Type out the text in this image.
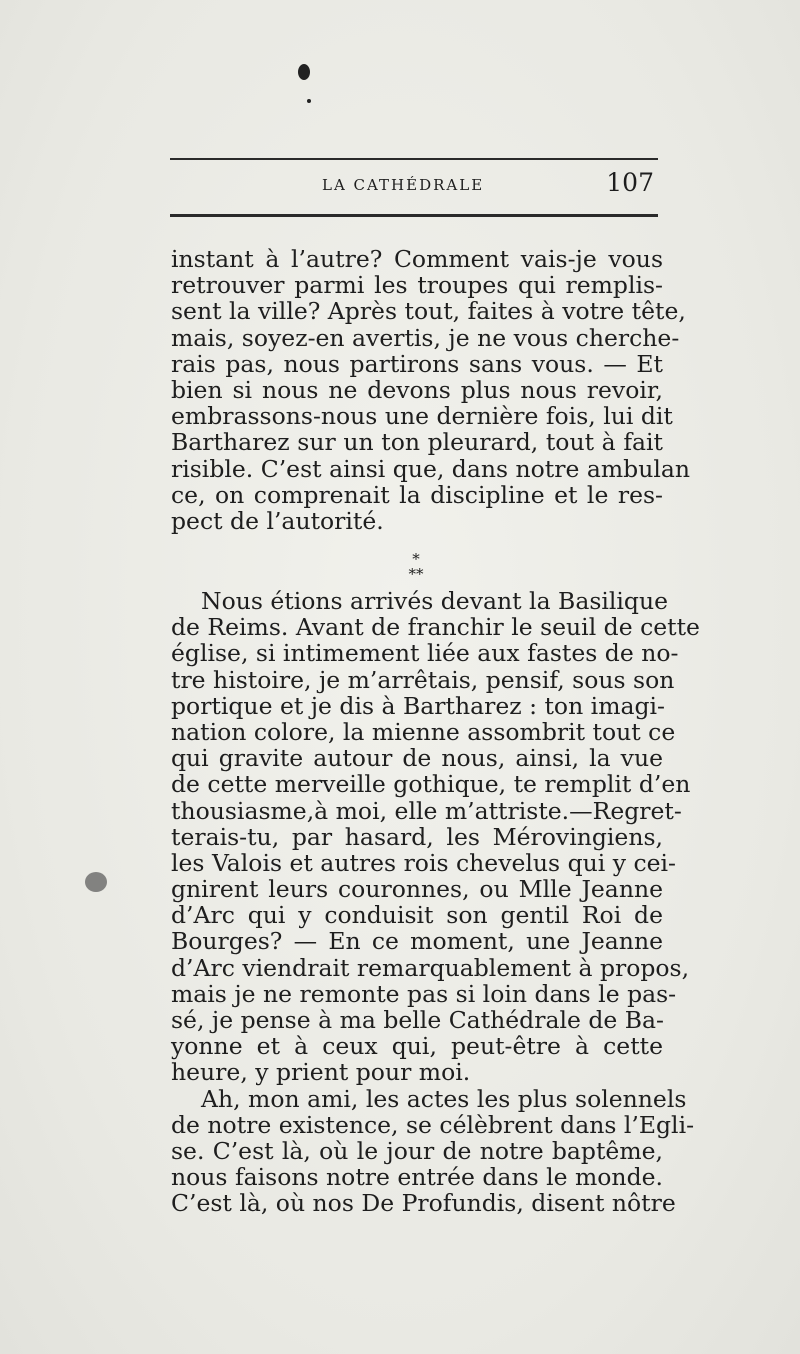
LA CATHÉDRALE	107
instant à l’autre? Comment vais-je vous
retrouver parmi les troupes qui remplis-
sent la ville? Après tout, faites à votre tête,
mais, soyez-en avertis, je ne vous cherche-
rais pas, nous partirons sans vous. — Et
bien si nous ne devons plus nous revoir,
embrassons-nous une dernière fois, lui dit
Bartharez sur un ton pleurard, tout à fait
risible. C’est ainsi que, dans notre ambulan
ce, on comprenait la discipline et le res-
pect de l’autorité.
*
**
Nous étions arrivés devant la Basilique
de Reims. Avant de franchir le seuil de cette
église, si intimement liée aux fastes de no-
tre histoire, je m’arrêtais, pensif, sous son
portique et je dis à Bartharez : ton imagi-
nation colore, la mienne assombrit tout ce
qui gravite autour de nous, ainsi, la vue
de cette merveille gothique, te remplit d’en
thousiasme,à moi, elle m’attriste.—Regret-
terais-tu, par hasard, les Mérovingiens,
les Valois et autres rois chevelus qui y cei-
gnirent leurs couronnes, ou Mlle Jeanne
d’Arc qui y conduisit son gentil Roi de
Bourges? — En ce moment, une Jeanne
d’Arc viendrait remarquablement à propos,
mais je ne remonte pas si loin dans le pas-
sé, je pense à ma belle Cathédrale de Ba-
yonne et à ceux qui, peut-être à cette
heure, y prient pour moi.
Ah, mon ami, les actes les plus solennels
de notre existence, se célèbrent dans l’Egli-
se. C’est là, où le jour de notre baptême,
nous faisons notre entrée dans le monde.
C’est là, où nos De Profundis, disent nôtre
